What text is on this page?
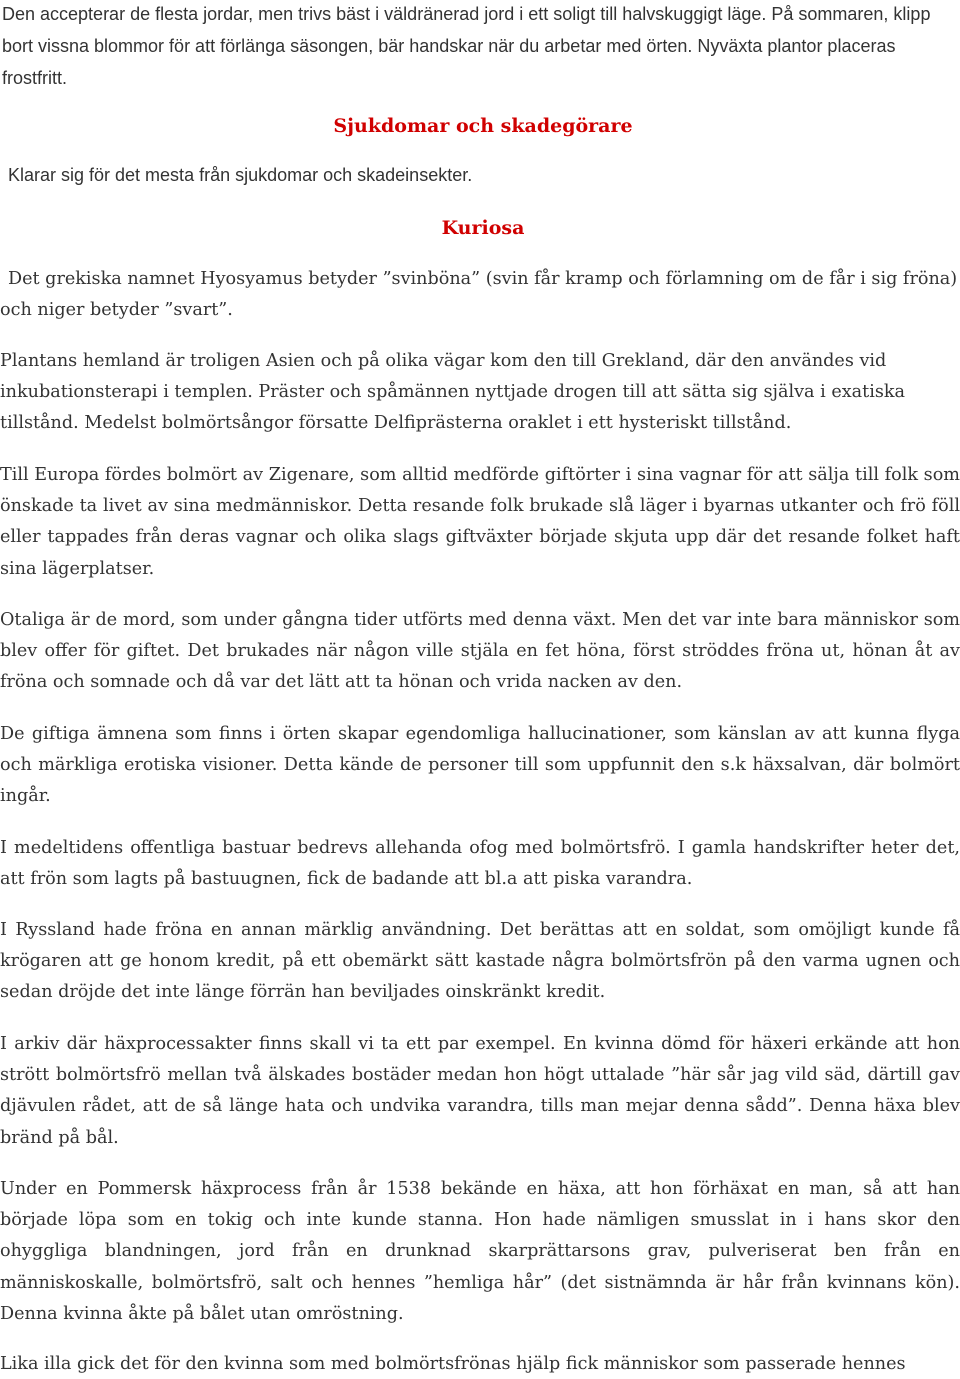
Den accepterar de flesta jordar, men trivs bäst i väldränerad jord i ett soligt till halvskuggigt läge. På sommaren, klipp bort vissna blommor för att förlänga säsongen, bär handskar när du arbetar med örten. Nyväxta plantor placeras frostfritt.

Sjukdomar och skadegörare

Klarar sig för det mesta från sjukdomar och skadeinsekter.

Kuriosa

Det grekiska namnet Hyosyamus betyder ”svinböna” (svin får kramp och förlamning om de får i sig fröna) och niger betyder ”svart”.

Plantans hemland är troligen Asien och på olika vägar kom den till Grekland, där den användes vid inkubationsterapi i templen. Präster och spåmännen nyttjade drogen till att sätta sig själva i exatiska tillstånd. Medelst bolmörtsångor försatte Delfiprästerna oraklet i ett hysteriskt tillstånd.

Till Europa fördes bolmört av Zigenare, som alltid medförde giftörter i sina vagnar för att sälja till folk som önskade ta livet av sina medmänniskor. Detta resande folk brukade slå läger i byarnas utkanter och frö föll eller tappades från deras vagnar och olika slags giftväxter började skjuta upp där det resande folket haft sina lägerplatser.

Otaliga är de mord, som under gångna tider utförts med denna växt. Men det var inte bara människor som blev offer för giftet. Det brukades när någon ville stjäla en fet höna, först ströddes fröna ut, hönan åt av fröna och somnade och då var det lätt att ta hönan och vrida nacken av den.

De giftiga ämnena som finns i örten skapar egendomliga hallucinationer, som känslan av att kunna flyga och märkliga erotiska visioner. Detta kände de personer till som uppfunnit den s.k häxsalvan, där bolmört ingår.

I medeltidens offentliga bastuar bedrevs allehanda ofog med bolmörtsfrö. I gamla handskrifter heter det, att frön som lagts på bastuugnen, fick de badande att bl.a att piska varandra.

I Ryssland hade fröna en annan märklig användning. Det berättas att en soldat, som omöjligt kunde få krögaren att ge honom kredit, på ett obemärkt sätt kastade några bolmörtsfrön på den varma ugnen och sedan dröjde det inte länge förrän han beviljades oinskränkt kredit.

I arkiv där häxprocessakter finns skall vi ta ett par exempel. En kvinna dömd för häxeri erkände att hon strött bolmörtsfrö mellan två älskades bostäder medan hon högt uttalade ”här sår jag vild säd, därtill gav djävulen rådet, att de så länge hata och undvika varandra, tills man mejar denna sådd”. Denna häxa blev bränd på bål.

Under en Pommersk häxprocess från år 1538 bekände en häxa, att hon förhäxat en man, så att han började löpa som en tokig och inte kunde stanna. Hon hade nämligen smusslat in i hans skor den ohyggliga blandningen, jord från en drunknad skarprättarsons grav, pulveriserat ben från en människoskalle, bolmörtsfrö, salt och hennes ”hemliga hår” (det sistnämnda är hår från kvinnans kön). Denna kvinna åkte på bålet utan omröstning.

Lika illa gick det för den kvinna som med bolmörtsfrönas hjälp fick människor som passerade hennes
